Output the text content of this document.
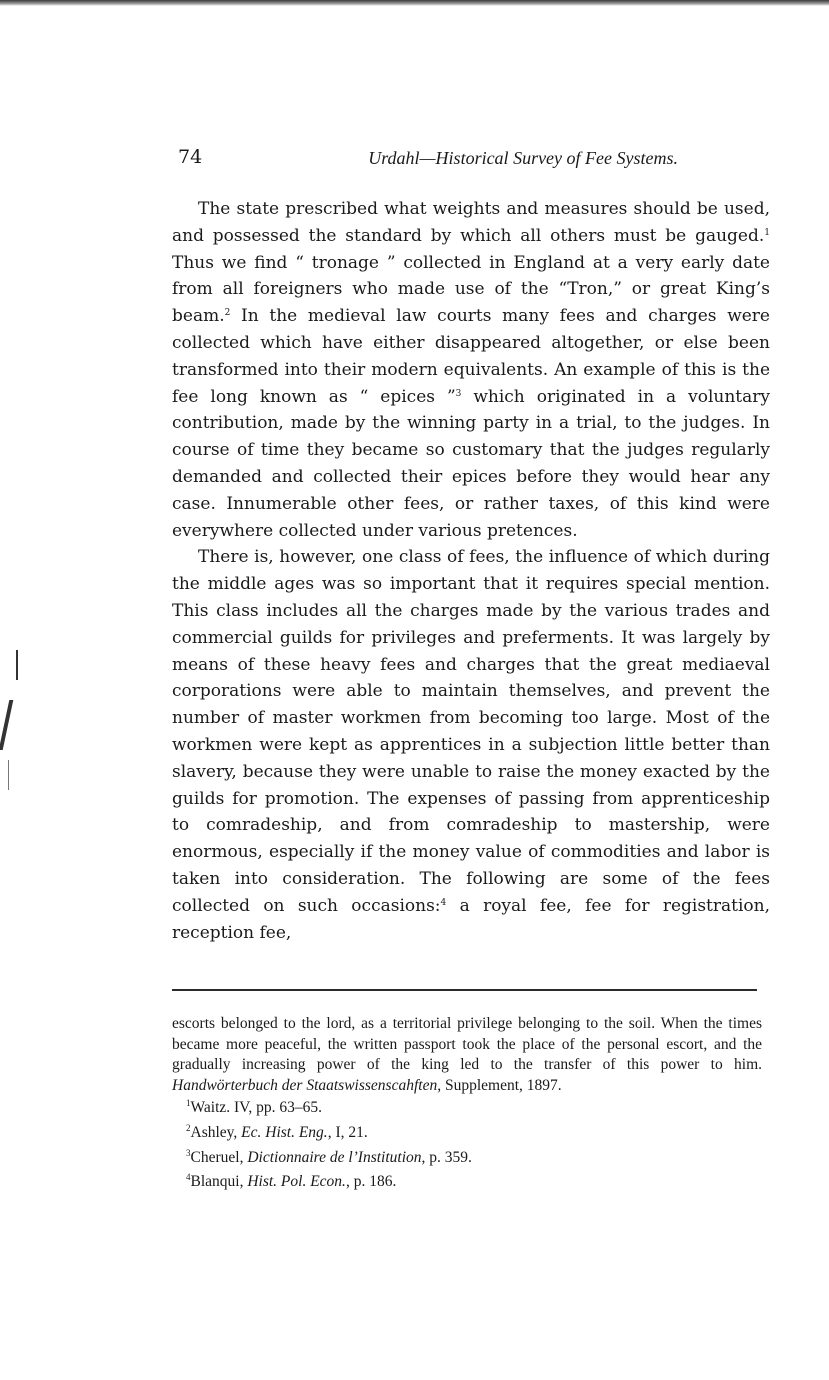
74	Urdahl—Historical Survey of Fee Systems.

The state prescribed what weights and measures should be used, and possessed the standard by which all others must be gauged.$^1$ Thus we find “ tronage ” collected in England at a very early date from all foreigners who made use of the “Tron,” or great King’s beam.$^2$ In the medieval law courts many fees and charges were collected which have either disappeared altogether, or else been transformed into their modern equivalents. An example of this is the fee long known as “ epices ”$^3$ which originated in a voluntary contribution, made by the winning party in a trial, to the judges. In course of time they became so customary that the judges regularly demanded and collected their epices before they would hear any case. Innumerable other fees, or rather taxes, of this kind were everywhere collected under various pretences.

There is, however, one class of fees, the influence of which during the middle ages was so important that it requires special mention. This class includes all the charges made by the various trades and commercial guilds for privileges and preferments. It was largely by means of these heavy fees and charges that the great mediaeval corporations were able to maintain themselves, and prevent the number of master workmen from becoming too large. Most of the workmen were kept as apprentices in a subjection little better than slavery, because they were unable to raise the money exacted by the guilds for promotion. The expenses of passing from apprenticeship to comradeship, and from comradeship to mastership, were enormous, especially if the money value of commodities and labor is taken into consideration. The following are some of the fees collected on such occasions:$^4$ a royal fee, fee for registration, reception fee,

escorts belonged to the lord, as a territorial privilege belonging to the soil. When the times became more peaceful, the written passport took the place of the personal escort, and the gradually increasing power of the king led to the transfer of this power to him. Handwörterbuch der Staatswissenscahften, Supplement, 1897.

$^1$Waitz. IV, pp. 63–65.
$^2$Ashley, Ec. Hist. Eng., I, 21.
$^3$Cheruel, Dictionnaire de l’Institution, p. 359.
$^4$Blanqui, Hist. Pol. Econ., p. 186.
